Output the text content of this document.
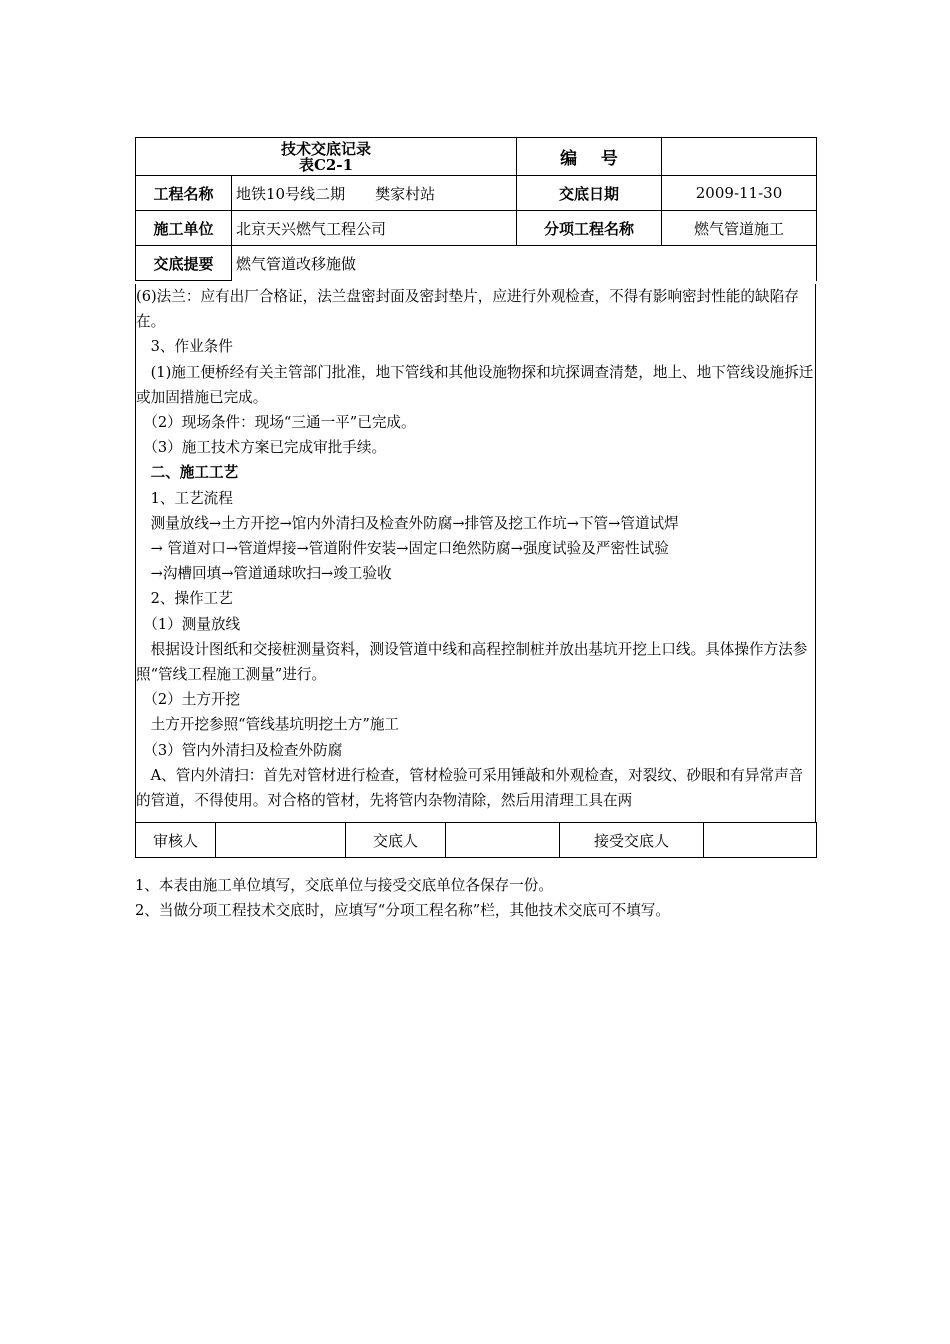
技术交底记录
表C2-1		编    号	
工程名称	地铁10号线二期　　樊家村站	交底日期	2009-11-30
施工单位	北京天兴燃气工程公司	分项工程名称	燃气管道施工
交底提要	燃气管道改移施做		

(6)法兰：应有出厂合格证，法兰盘密封面及密封垫片，应进行外观检查，不得有影响密封性能的缺陷存在。

　3、作业条件

　(1)施工便桥经有关主管部门批准，地下管线和其他设施物探和坑探调查清楚，地上、地下管线设施拆迁或加固措施已完成。

　（2）现场条件：现场“三通一平”已完成。

　（3）施工技术方案已完成审批手续。

　二、施工工艺

　1、工艺流程

　测量放线→土方开挖→馆内外清扫及检查外防腐→排管及挖工作坑→下管→管道试焊

　→ 管道对口→管道焊接→管道附件安装→固定口绝然防腐→强度试验及严密性试验

　→沟槽回填→管道通球吹扫→竣工验收

　2、操作工艺

　（1）测量放线

　根据设计图纸和交接桩测量资料，测设管道中线和高程控制桩并放出基坑开挖上口线。具体操作方法参照“管线工程施工测量”进行。

　（2）土方开挖

　土方开挖参照“管线基坑明挖土方”施工

　（3）管内外清扫及检查外防腐

　A、管内外清扫：首先对管材进行检查，管材检验可采用锤敲和外观检查，对裂纹、砂眼和有异常声音的管道，不得使用。对合格的管材，先将管内杂物清除，然后用清理工具在两

审核人		交底人		接受交底人	

1、本表由施工单位填写，交底单位与接受交底单位各保存一份。

2、当做分项工程技术交底时，应填写“分项工程名称”栏，其他技术交底可不填写。
